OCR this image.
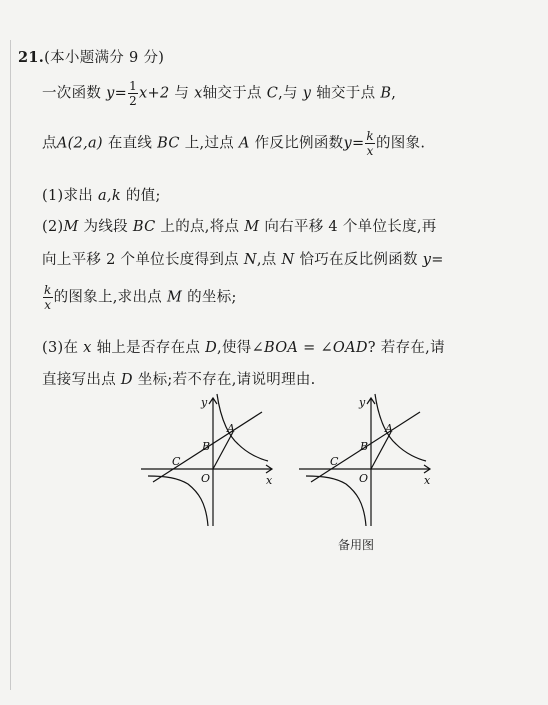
21.(本小题满分 9 分)
一次函数 $y= \frac{1}{2} x+2$ 与 x轴交于点 C,与 y 轴交于点 B,
点A(2,a) 在直线 BC 上,过点 A 作反比例函数$y= \frac{k}{x}$ 的图象.
(1)求出 a,k 的值;
(2)M 为线段 BC 上的点,将点 M 向右平移 4 个单位长度,再
向上平移 2 个单位长度得到点 N,点 N 恰巧在反比例函数 y=
$\frac{k}{x}$ 的图象上,求出点 M 的坐标;
(3)在 x 轴上是否存在点 D,使得∠BOA = ∠OAD? 若存在,请
直接写出点 D 坐标;若不存在,请说明理由.
y
x
A
B
C
O
y
x
A
B
C
O
备用图
